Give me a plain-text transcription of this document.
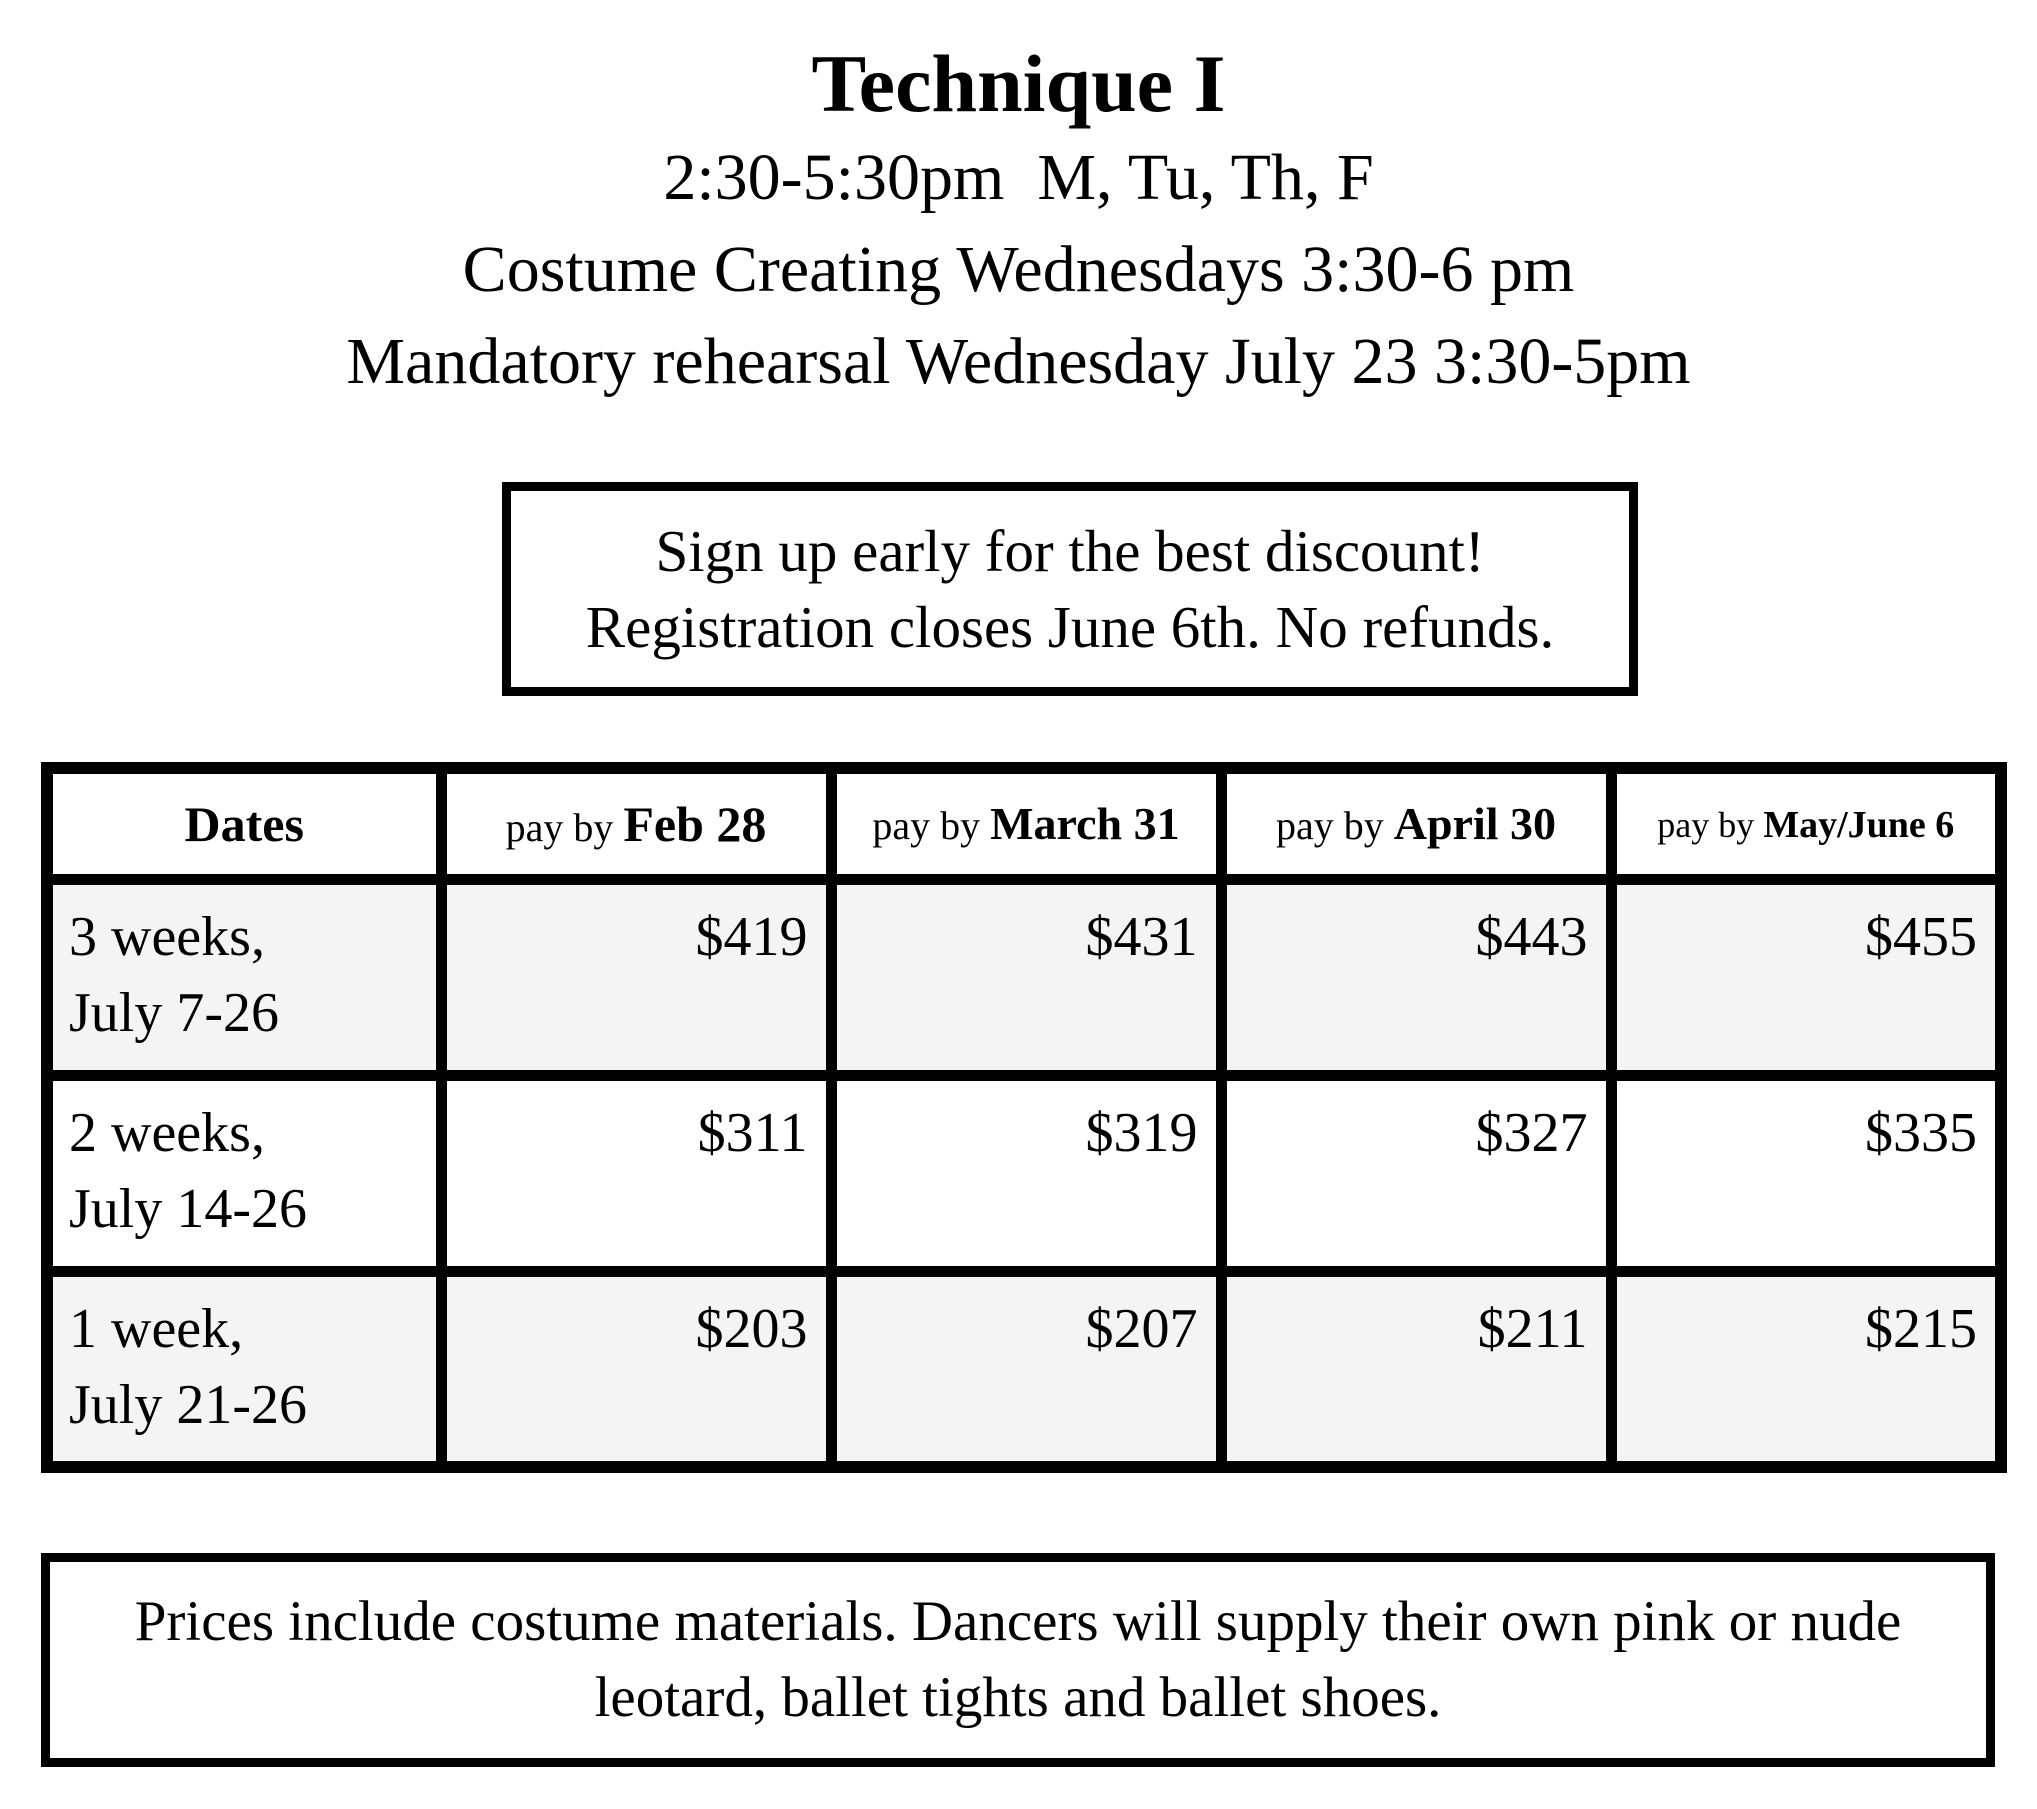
Technique I

2:30-5:30pm  M, Tu, Th, F

Costume Creating Wednesdays 3:30-6 pm

Mandatory rehearsal Wednesday July 23 3:30-5pm

Sign up early for the best discount!
Registration closes June 6th. No refunds.
Dates	pay by Feb 28	pay by March 31	pay by April 30	pay by May/June 6

3 weeks,
July 7-26	$419	$431	$443	$455

2 weeks,
July 14-26	$311	$319	$327	$335

1 week,
July 21-26	$203	$207	$211	$215
Prices include costume materials. Dancers will supply their own pink or nude leotard, ballet tights and ballet shoes.
